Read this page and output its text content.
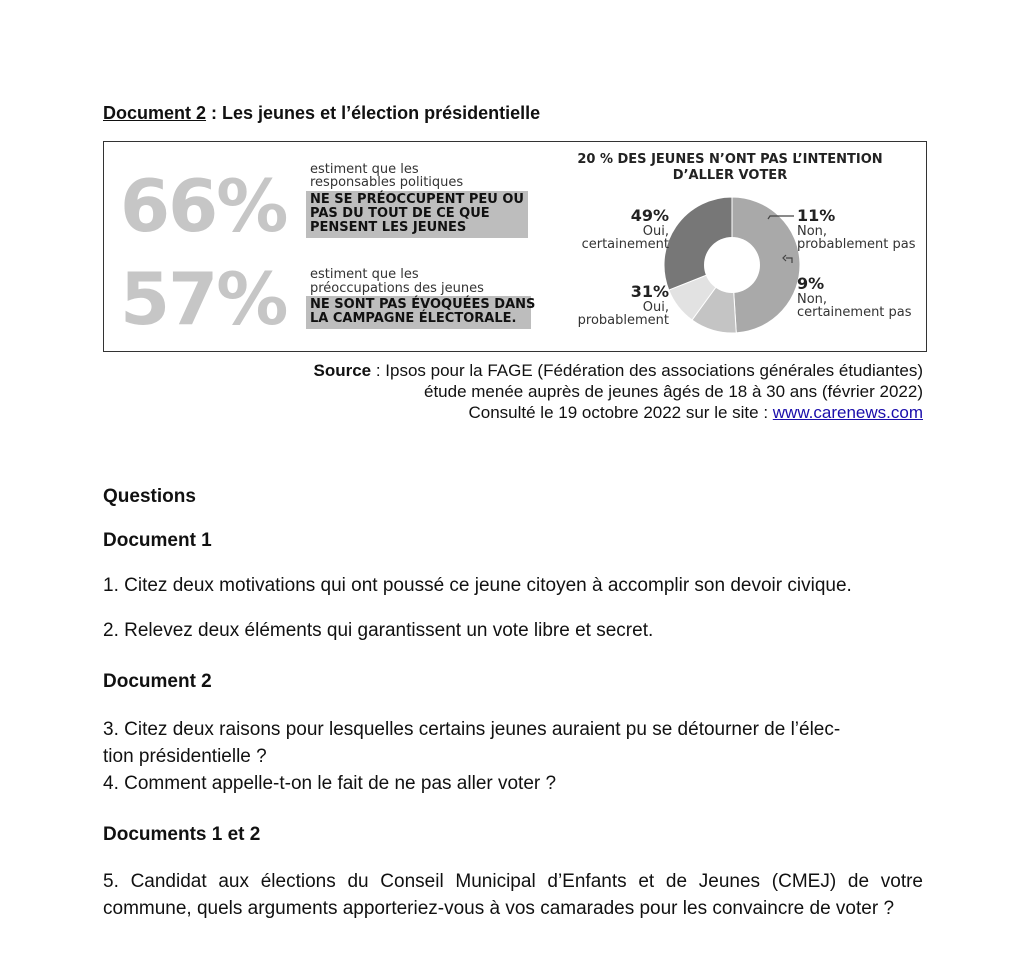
Document 2 : Les jeunes et l’élection présidentielle
66% estiment que les
responsables politiques
NE SE PRÉOCCUPENT PEU OU
PAS DU TOUT DE CE QUE
PENSENT LES JEUNES
57% estiment que les
préoccupations des jeunes
NE SONT PAS ÉVOQUÉES DANS
LA CAMPAGNE ÉLECTORALE.
20 % DES JEUNES N’ONT PAS L’INTENTION
D’ALLER VOTER
49%
Oui,
certainement
11%
Non,
probablement pas
9%
Non,
certainement pas
31%
Oui,
probablement
Source : Ipsos pour la FAGE (Fédération des associations générales étudiantes)
étude menée auprès de jeunes âgés de 18 à 30 ans (février 2022)
Consulté le 19 octobre 2022 sur le site : www.carenews.com
Questions
Document 1
1. Citez deux motivations qui ont poussé ce jeune citoyen à accomplir son devoir civique.
2. Relevez deux éléments qui garantissent un vote libre et secret.
Document 2
3. Citez deux raisons pour lesquelles certains jeunes auraient pu se détourner de l’élec-
tion présidentielle ?
4. Comment appelle-t-on le fait de ne pas aller voter ?
Documents 1 et 2
5. Candidat aux élections du Conseil Municipal d’Enfants et de Jeunes (CMEJ) de votre commune, quels arguments apporteriez-vous à vos camarades pour les convaincre de voter ?
